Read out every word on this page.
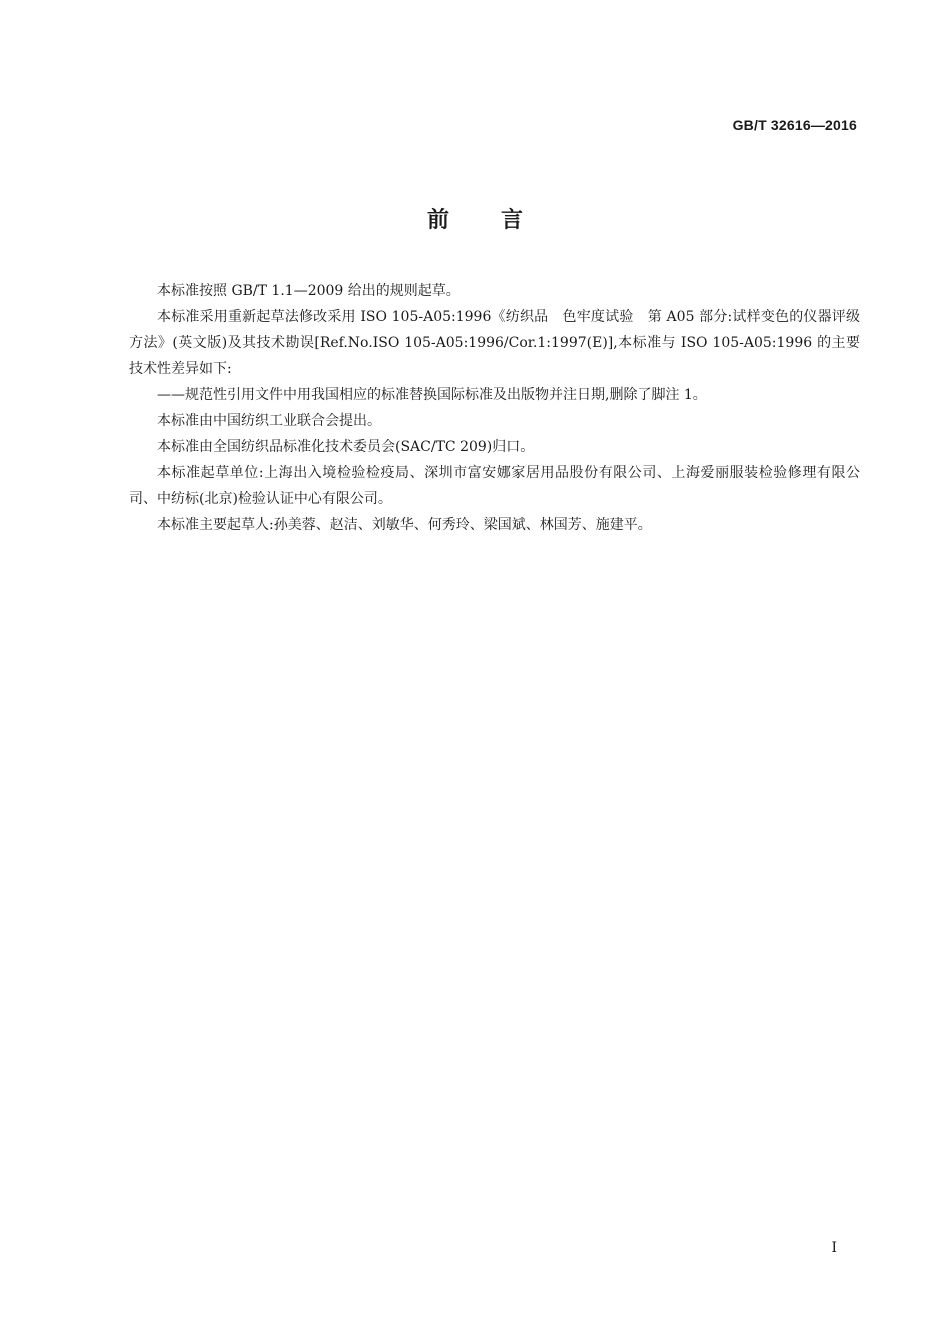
GB/T 32616—2016
前言

本标准按照 GB/T 1.1—2009 给出的规则起草。

本标准采用重新起草法修改采用 ISO 105-A05:1996《纺织品　色牢度试验　第 A05 部分:试样变色的仪器评级方法》(英文版)及其技术勘误[Ref.No.ISO 105-A05:1996/Cor.1:1997(E)],本标准与 ISO 105-A05:1996 的主要技术性差异如下:

——规范性引用文件中用我国相应的标准替换国际标准及出版物并注日期,删除了脚注 1。

本标准由中国纺织工业联合会提出。

本标准由全国纺织品标准化技术委员会(SAC/TC 209)归口。

本标准起草单位:上海出入境检验检疫局、深圳市富安娜家居用品股份有限公司、上海爱丽服装检验修理有限公司、中纺标(北京)检验认证中心有限公司。

本标准主要起草人:孙美蓉、赵洁、刘敏华、何秀玲、梁国斌、林国芳、施建平。

I
